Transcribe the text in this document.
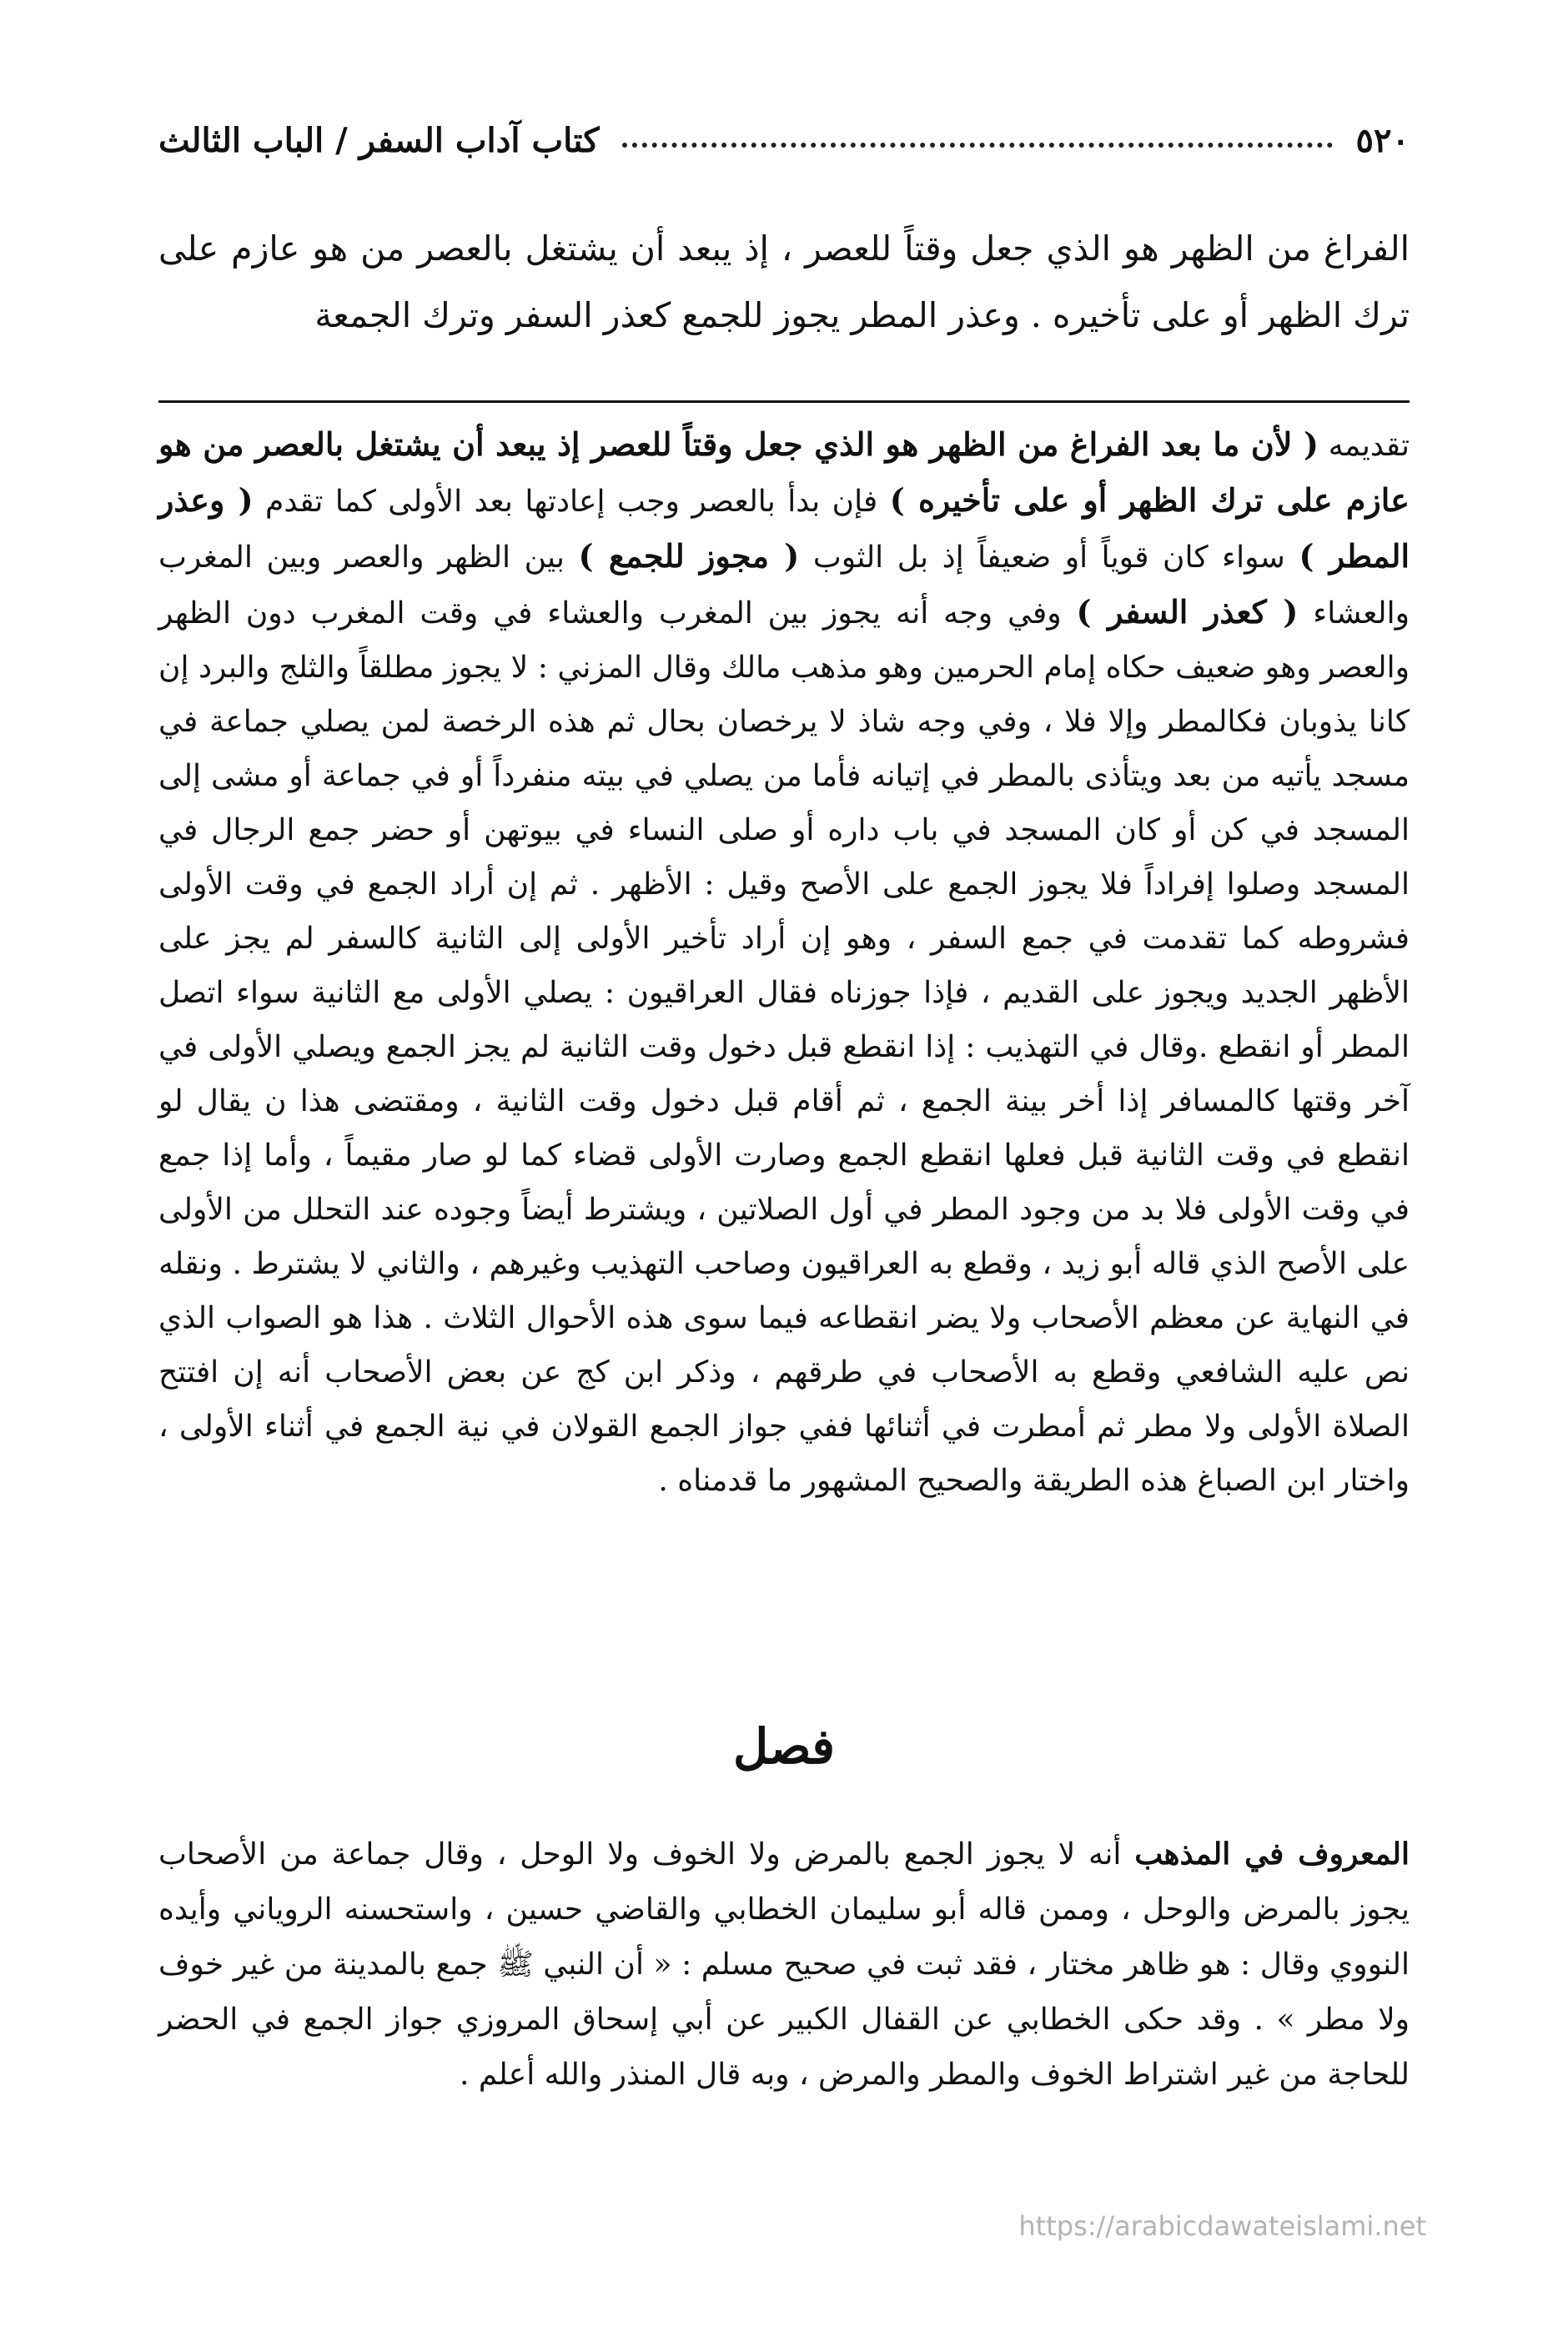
كتاب آداب السفر / الباب الثالث	٥٢٠
الفراغ من الظهر هو الذي جعل وقتاً للعصر ، إذ يبعد أن يشتغل بالعصر من هو عازم على ترك الظهر أو على تأخيره . وعذر المطر يجوز للجمع كعذر السفر وترك الجمعة
تقديمه ( لأن ما بعد الفراغ من الظهر هو الذي جعل وقتاً للعصر إذ يبعد أن يشتغل بالعصر من هو عازم على ترك الظهر أو على تأخيره ) فإن بدأ بالعصر وجب إعادتها بعد الأولى كما تقدم ( وعذر المطر ) سواء كان قوياً أو ضعيفاً إذ بل الثوب ( مجوز للجمع ) بين الظهر والعصر وبين المغرب والعشاء ( كعذر السفر ) وفي وجه أنه يجوز بين المغرب والعشاء في وقت المغرب دون الظهر والعصر وهو ضعيف حكاه إمام الحرمين وهو مذهب مالك وقال المزني : لا يجوز مطلقاً والثلج والبرد إن كانا يذوبان فكالمطر وإلا فلا ، وفي وجه شاذ لا يرخصان بحال ثم هذه الرخصة لمن يصلي جماعة في مسجد يأتيه من بعد ويتأذى بالمطر في إتيانه فأما من يصلي في بيته منفرداً أو في جماعة أو مشى إلى المسجد في كن أو كان المسجد في باب داره أو صلى النساء في بيوتهن أو حضر جمع الرجال في المسجد وصلوا إفراداً فلا يجوز الجمع على الأصح وقيل : الأظهر . ثم إن أراد الجمع في وقت الأولى فشروطه كما تقدمت في جمع السفر ، وهو إن أراد تأخير الأولى إلى الثانية كالسفر لم يجز على الأظهر الجديد ويجوز على القديم ، فإذا جوزناه فقال العراقيون : يصلي الأولى مع الثانية سواء اتصل المطر أو انقطع .وقال في التهذيب : إذا انقطع قبل دخول وقت الثانية لم يجز الجمع ويصلي الأولى في آخر وقتها كالمسافر إذا أخر بينة الجمع ، ثم أقام قبل دخول وقت الثانية ، ومقتضى هذا ن يقال لو انقطع في وقت الثانية قبل فعلها انقطع الجمع وصارت الأولى قضاء كما لو صار مقيماً ، وأما إذا جمع في وقت الأولى فلا بد من وجود المطر في أول الصلاتين ، ويشترط أيضاً وجوده عند التحلل من الأولى على الأصح الذي قاله أبو زيد ، وقطع به العراقيون وصاحب التهذيب وغيرهم ، والثاني لا يشترط . ونقله في النهاية عن معظم الأصحاب ولا يضر انقطاعه فيما سوى هذه الأحوال الثلاث . هذا هو الصواب الذي نص عليه الشافعي وقطع به الأصحاب في طرقهم ، وذكر ابن كج عن بعض الأصحاب أنه إن افتتح الصلاة الأولى ولا مطر ثم أمطرت في أثنائها ففي جواز الجمع القولان في نية الجمع في أثناء الأولى ، واختار ابن الصباغ هذه الطريقة والصحيح المشهور ما قدمناه .
فصل
المعروف في المذهب أنه لا يجوز الجمع بالمرض ولا الخوف ولا الوحل ، وقال جماعة من الأصحاب يجوز بالمرض والوحل ، وممن قاله أبو سليمان الخطابي والقاضي حسين ، واستحسنه الروياني وأيده النووي وقال : هو ظاهر مختار ، فقد ثبت في صحيح مسلم : « أن النبي ﷺ جمع بالمدينة من غير خوف ولا مطر » . وقد حكى الخطابي عن القفال الكبير عن أبي إسحاق المروزي جواز الجمع في الحضر للحاجة من غير اشتراط الخوف والمطر والمرض ، وبه قال المنذر والله أعلم .
https://arabicdawateislami.net
